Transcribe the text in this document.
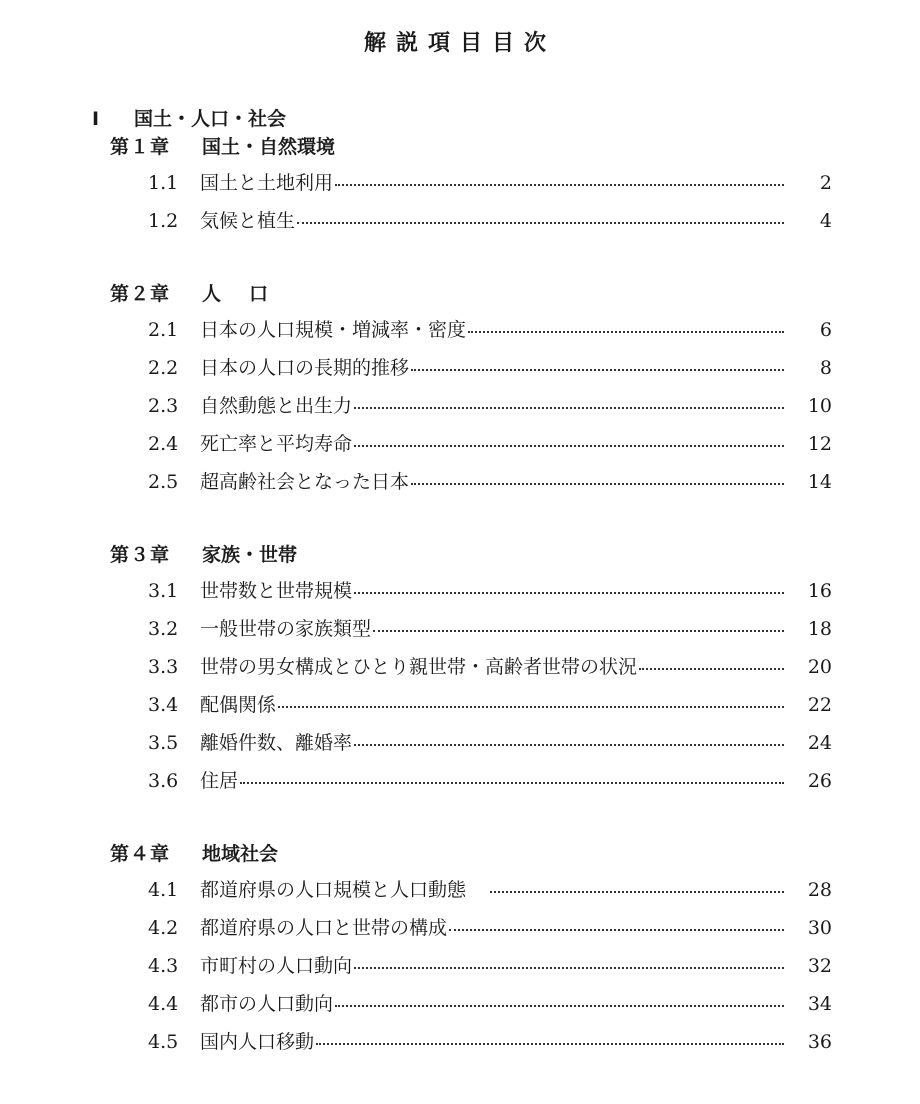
解説項目目次
Ⅰ 国土・人口・社会
第１章 国土・自然環境
1.1	国土と土地利用	2
1.2	気候と植生	4
第２章 人口
2.1	日本の人口規模・増減率・密度	6
2.2	日本の人口の長期的推移	8
2.3	自然動態と出生力	10
2.4	死亡率と平均寿命	12
2.5	超高齢社会となった日本	14
第３章 家族・世帯
3.1	世帯数と世帯規模	16
3.2	一般世帯の家族類型	18
3.3	世帯の男女構成とひとり親世帯・高齢者世帯の状況	20
3.4	配偶関係	22
3.5	離婚件数、離婚率	24
3.6	住居	26
第４章 地域社会
4.1	都道府県の人口規模と人口動態	28
4.2	都道府県の人口と世帯の構成	30
4.3	市町村の人口動向	32
4.4	都市の人口動向	34
4.5	国内人口移動	36
